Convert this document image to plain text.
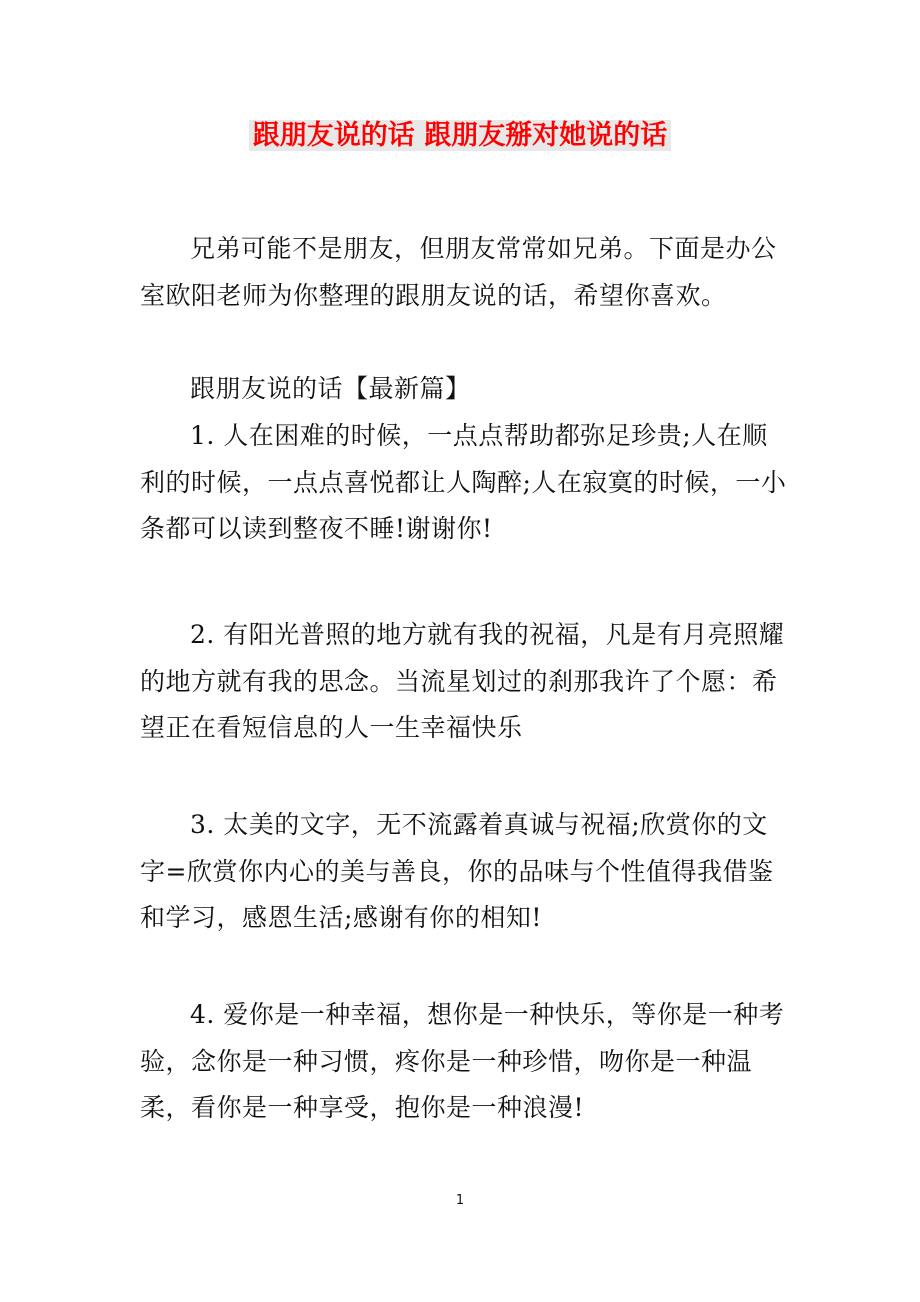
跟朋友说的话 跟朋友掰对她说的话

兄弟可能不是朋友，但朋友常常如兄弟。下面是办公室欧阳老师为你整理的跟朋友说的话，希望你喜欢。

跟朋友说的话【最新篇】

1. 人在困难的时候，一点点帮助都弥足珍贵;人在顺利的时候，一点点喜悦都让人陶醉;人在寂寞的时候，一小条都可以读到整夜不睡!谢谢你!

2. 有阳光普照的地方就有我的祝福，凡是有月亮照耀的地方就有我的思念。当流星划过的刹那我许了个愿：希望正在看短信息的人一生幸福快乐

3. 太美的文字，无不流露着真诚与祝福;欣赏你的文字=欣赏你内心的美与善良，你的品味与个性值得我借鉴和学习，感恩生活;感谢有你的相知!

4. 爱你是一种幸福，想你是一种快乐，等你是一种考验，念你是一种习惯，疼你是一种珍惜，吻你是一种温柔，看你是一种享受，抱你是一种浪漫!

1
